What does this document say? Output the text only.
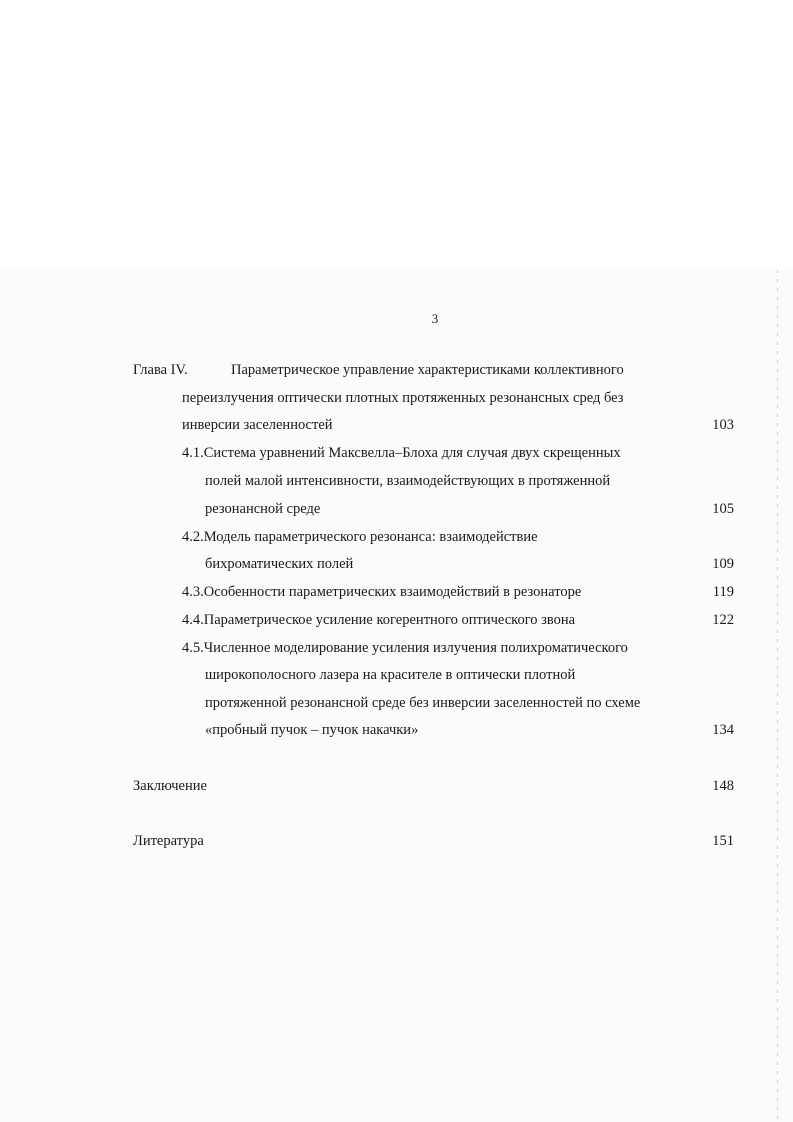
3
Глава IV.	Параметрическое управление характеристиками коллективного
переизлучения оптически плотных протяженных резонансных сред без
инверсии заселенностей	103
4.1.Система уравнений Максвелла–Блоха для случая двух скрещенных
полей малой интенсивности, взаимодействующих в протяженной
резонансной среде	105
4.2.Модель параметрического резонанса: взаимодействие
бихроматических полей	109
4.3.Особенности параметрических взаимодействий в резонаторе	119
4.4.Параметрическое усиление когерентного оптического звона	122
4.5.Численное моделирование усиления излучения полихроматического
широкополосного лазера на красителе в оптически плотной
протяженной резонансной среде без инверсии заселенностей по схеме
«пробный пучок – пучок накачки»	134
Заключение	148
Литература	151
